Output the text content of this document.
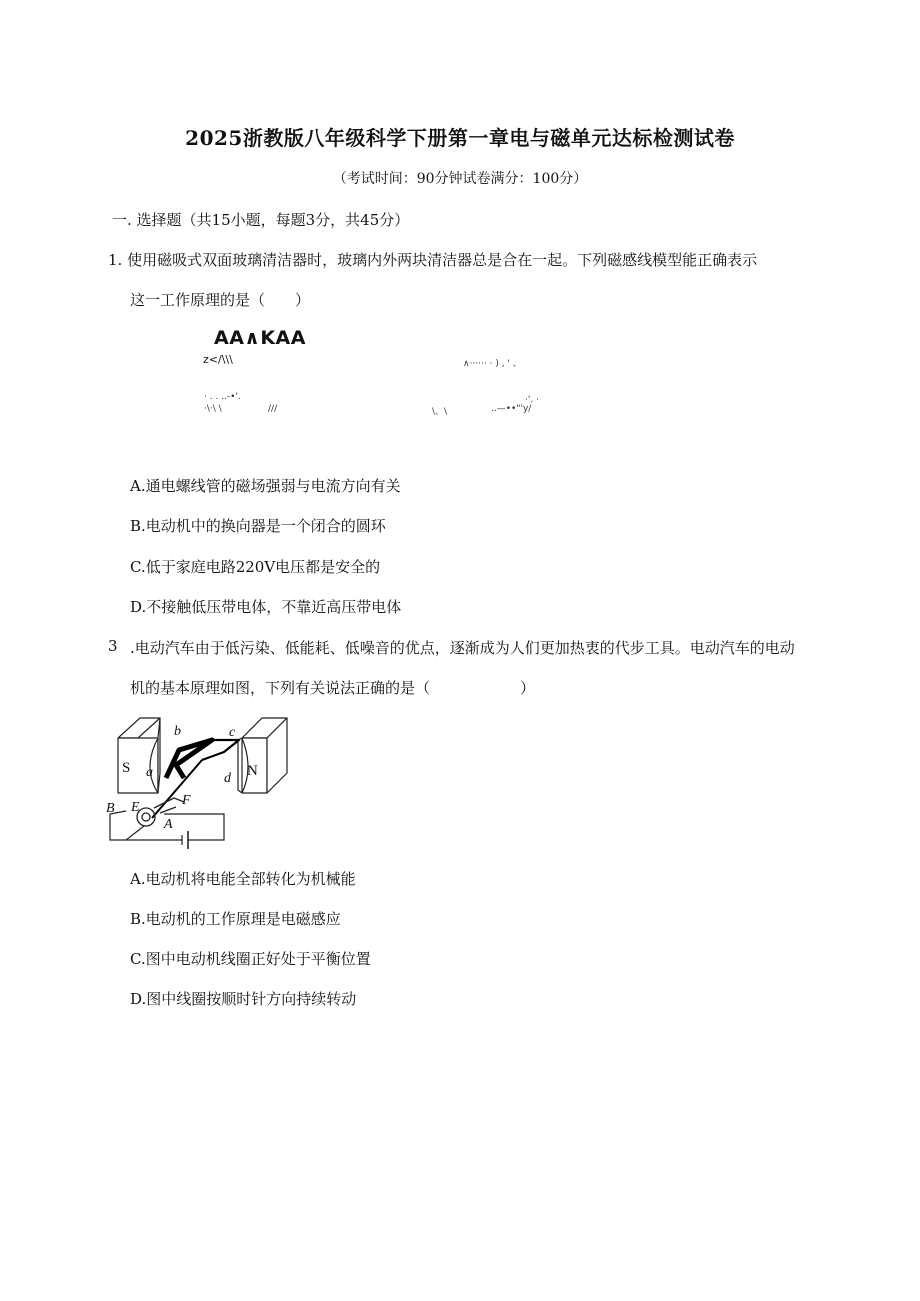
2025浙教版八年级科学下册第一章电与磁单元达标检测试卷
（考试时间：90分钟试卷满分：100分）
一. 选择题（共15小题，每题3分，共45分）
1. 使用磁吸式双面玻璃清洁器时，玻璃内外两块清洁器总是合在一起。下列磁感线模型能正确表示
这一工作原理的是（　　）
AA∧KAA
z</\\\	∧······ · ) , ' 、
· . . ..-•'.
·\·\ \	///	\、\	..—••"'y/
·'. ·
A.通电螺线管的磁场强弱与电流方向有关
B.电动机中的换向器是一个闭合的圆环
C.低于家庭电路220V电压都是安全的
D.不接触低压带电体，不靠近高压带电体
3 .电动汽车由于低污染、低能耗、低噪音的优点，逐渐成为人们更加热衷的代步工具。电动汽车的电动
机的基本原理如图，下列有关说法正确的是（　　　　　　）
S	N
a
b	c
d
E	F
A
B
A.电动机将电能全部转化为机械能
B.电动机的工作原理是电磁感应
C.图中电动机线圈正好处于平衡位置
D.图中线圈按顺时针方向持续转动
